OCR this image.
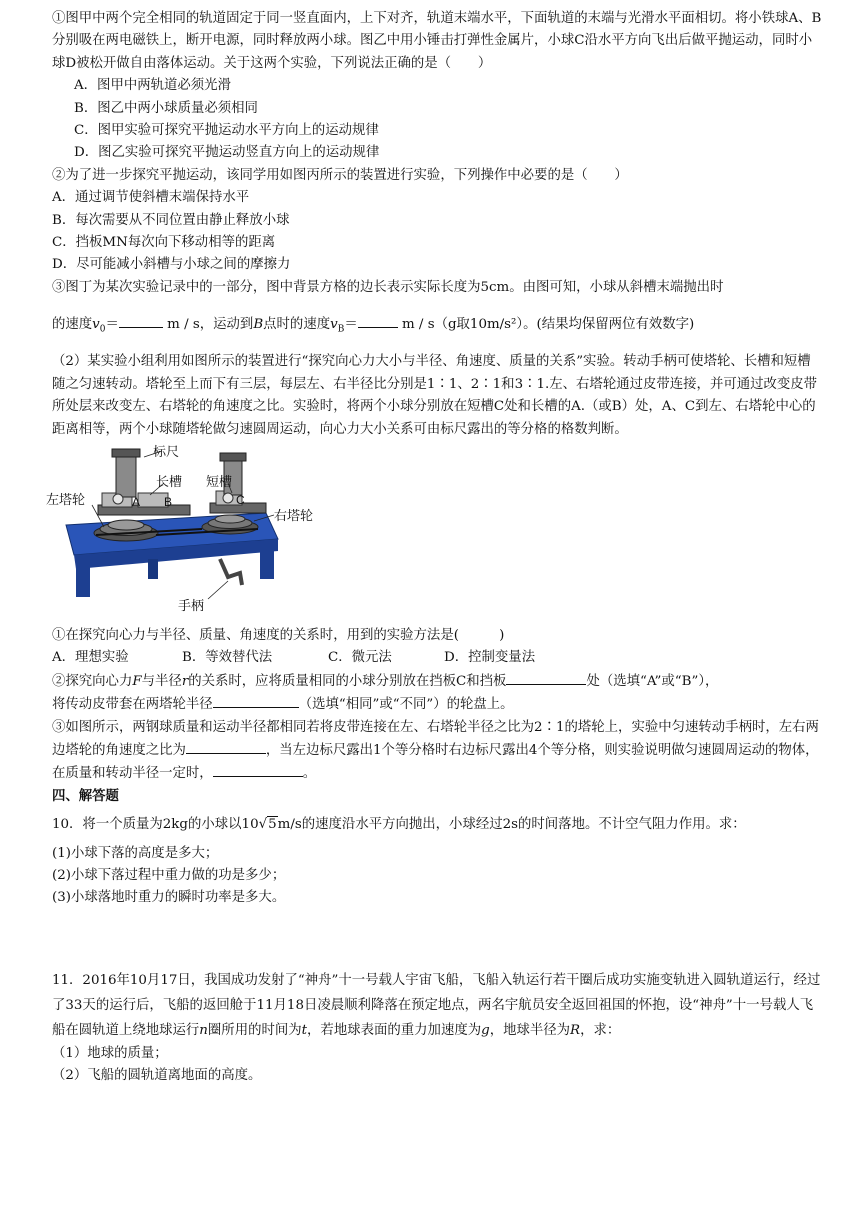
①图甲中两个完全相同的轨道固定于同一竖直面内，上下对齐，轨道末端水平，下面轨道的末端与光滑水平面相切。将小铁球A、B分别吸在两电磁铁上，断开电源，同时释放两小球。图乙中用小锤击打弹性金属片，小球C沿水平方向飞出后做平抛运动，同时小球D被松开做自由落体运动。关于这两个实验，下列说法正确的是（　　）

A．图甲中两轨道必须光滑

B．图乙中两小球质量必须相同

C．图甲实验可探究平抛运动水平方向上的运动规律

D．图乙实验可探究平抛运动竖直方向上的运动规律

②为了进一步探究平抛运动，该同学用如图丙所示的装置进行实验，下列操作中必要的是（　　）

A．通过调节使斜槽末端保持水平

B．每次需要从不同位置由静止释放小球

C．挡板MN每次向下移动相等的距离

D．尽可能减小斜槽与小球之间的摩擦力

③图丁为某次实验记录中的一部分，图中背景方格的边长表示实际长度为5cm。由图可知，小球从斜槽末端抛出时

的速度$v_0=$	m / s，运动到B点时的速度$v_B=$	m / s（g取10m/s²）。(结果均保留两位有效数字)

（2）某实验小组利用如图所示的装置进行“探究向心力大小与半径、角速度、质量的关系”实验。转动手柄可使塔轮、长槽和短槽随之匀速转动。塔轮至上而下有三层，每层左、右半径比分别是1∶1、2∶1和3∶1.左、右塔轮通过皮带连接，并可通过改变皮带所处层来改变左、右塔轮的角速度之比。实验时，将两个小球分别放在短槽C处和长槽的A.（或B）处，A、C到左、右塔轮中心的距离相等，两个小球随塔轮做匀速圆周运动，向心力大小关系可由标尺露出的等分格的格数判断。

标尺
长槽 短槽
左塔轮
右塔轮
手柄
A B	C

①在探究向心力与半径、质量、角速度的关系时，用到的实验方法是(　　　)

A．理想实验	B．等效替代法	C．微元法	D．控制变量法

②探究向心力F与半径r的关系时，应将质量相同的小球分别放在挡板C和挡板	处（选填“A”或“B”），

将传动皮带套在两塔轮半径	（选填“相同”或“不同”）的轮盘上。

③如图所示，两钢球质量和运动半径都相同若将皮带连接在左、右塔轮半径之比为2∶1的塔轮上，实验中匀速转动手柄时，左右两边塔轮的角速度之比为	，当左边标尺露出1个等分格时右边标尺露出4个等分格，则实验说明做匀速圆周运动的物体，在质量和转动半径一定时，	。

四、解答题

10．将一个质量为2kg的小球以10√5m/s的速度沿水平方向抛出，小球经过2s的时间落地。不计空气阻力作用。求：

(1)小球下落的高度是多大；

(2)小球下落过程中重力做的功是多少；

(3)小球落地时重力的瞬时功率是多大。

11．2016年10月17日，我国成功发射了“神舟”十一号载人宇宙飞船，飞船入轨运行若干圈后成功实施变轨进入圆轨道运行，经过了33天的运行后，飞船的返回舱于11月18日凌晨顺利降落在预定地点，两名宇航员安全返回祖国的怀抱，设“神舟”十一号载人飞船在圆轨道上绕地球运行n圈所用的时间为t，若地球表面的重力加速度为g，地球半径为R，求：

（1）地球的质量；

（2）飞船的圆轨道离地面的高度。
